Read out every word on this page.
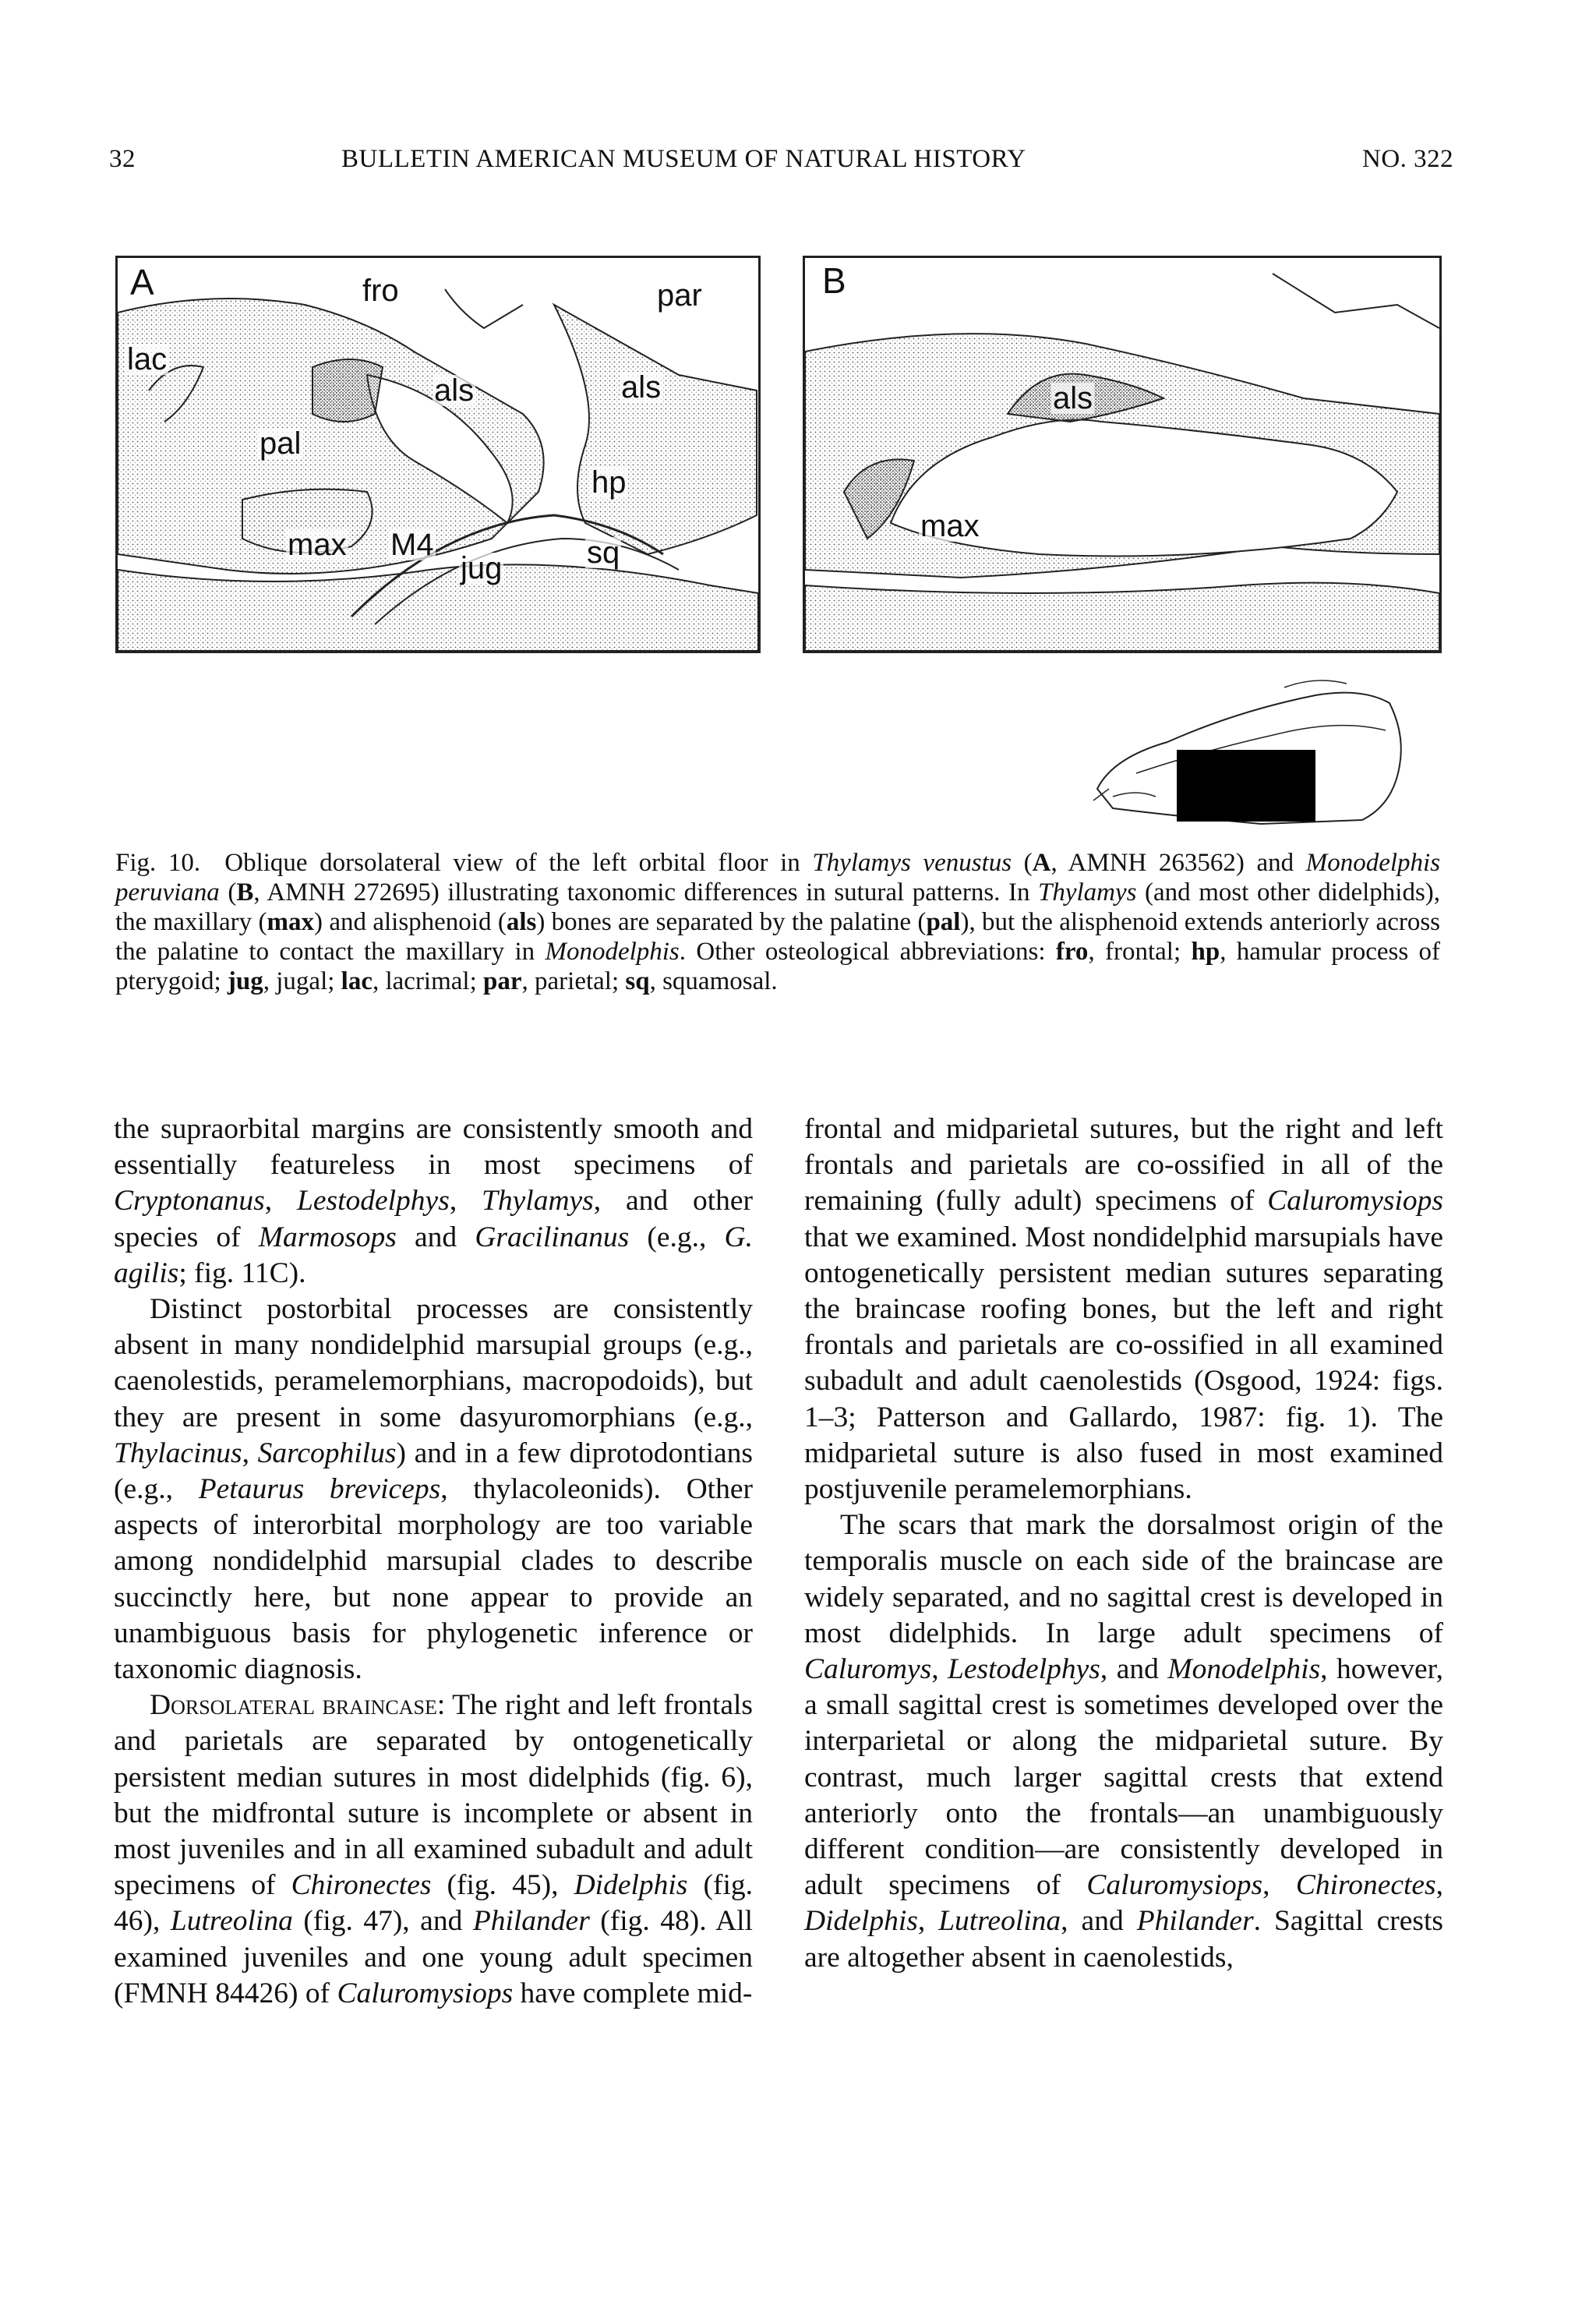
32	BULLETIN AMERICAN MUSEUM OF NATURAL HISTORY	NO. 322
A	fro	par
lac
als	als
pal
hp
max M4
jug	sq
B
als
max

Fig. 10. Oblique dorsolateral view of the left orbital floor in Thylamys venustus (A, AMNH 263562) and Monodelphis peruviana (B, AMNH 272695) illustrating taxonomic differences in sutural patterns. In Thylamys (and most other didelphids), the maxillary (max) and alisphenoid (als) bones are separated by the palatine (pal), but the alisphenoid extends anteriorly across the palatine to contact the maxillary in Monodelphis. Other osteological abbreviations: fro, frontal; hp, hamular process of pterygoid; jug, jugal; lac, lacrimal; par, parietal; sq, squamosal.

the supraorbital margins are consistently smooth and essentially featureless in most specimens of Cryptonanus, Lestodelphys, Thylamys, and other species of Marmosops and Gracilinanus (e.g., G. agilis; fig. 11C).

Distinct postorbital processes are consistently absent in many nondidelphid marsupial groups (e.g., caenolestids, peramelemorphians, macropodoids), but they are present in some dasyuromorphians (e.g., Thylacinus, Sarcophilus) and in a few diprotodontians (e.g., Petaurus breviceps, thylacoleonids). Other aspects of interorbital morphology are too variable among nondidelphid marsupial clades to describe succinctly here, but none appear to provide an unambiguous basis for phylogenetic inference or taxonomic diagnosis.

Dorsolateral braincase: The right and left frontals and parietals are separated by ontogenetically persistent median sutures in most didelphids (fig. 6), but the midfrontal suture is incomplete or absent in most juveniles and in all examined subadult and adult specimens of Chironectes (fig. 45), Didelphis (fig. 46), Lutreolina (fig. 47), and Philander (fig. 48). All examined juveniles and one young adult specimen (FMNH 84426) of Caluromysiops have complete mid-

frontal and midparietal sutures, but the right and left frontals and parietals are co-ossified in all of the remaining (fully adult) specimens of Caluromysiops that we examined. Most nondidelphid marsupials have ontogenetically persistent median sutures separating the braincase roofing bones, but the left and right frontals and parietals are co-ossified in all examined subadult and adult caenolestids (Osgood, 1924: figs. 1–3; Patterson and Gallardo, 1987: fig. 1). The midparietal suture is also fused in most examined postjuvenile peramelemorphians.

The scars that mark the dorsalmost origin of the temporalis muscle on each side of the braincase are widely separated, and no sagittal crest is developed in most didelphids. In large adult specimens of Caluromys, Lestodelphys, and Monodelphis, however, a small sagittal crest is sometimes developed over the interparietal or along the midparietal suture. By contrast, much larger sagittal crests that extend anteriorly onto the frontals—an unambiguously different condition—are consistently developed in adult specimens of Caluromysiops, Chironectes, Didelphis, Lutreolina, and Philander. Sagittal crests are altogether absent in caenolestids,
